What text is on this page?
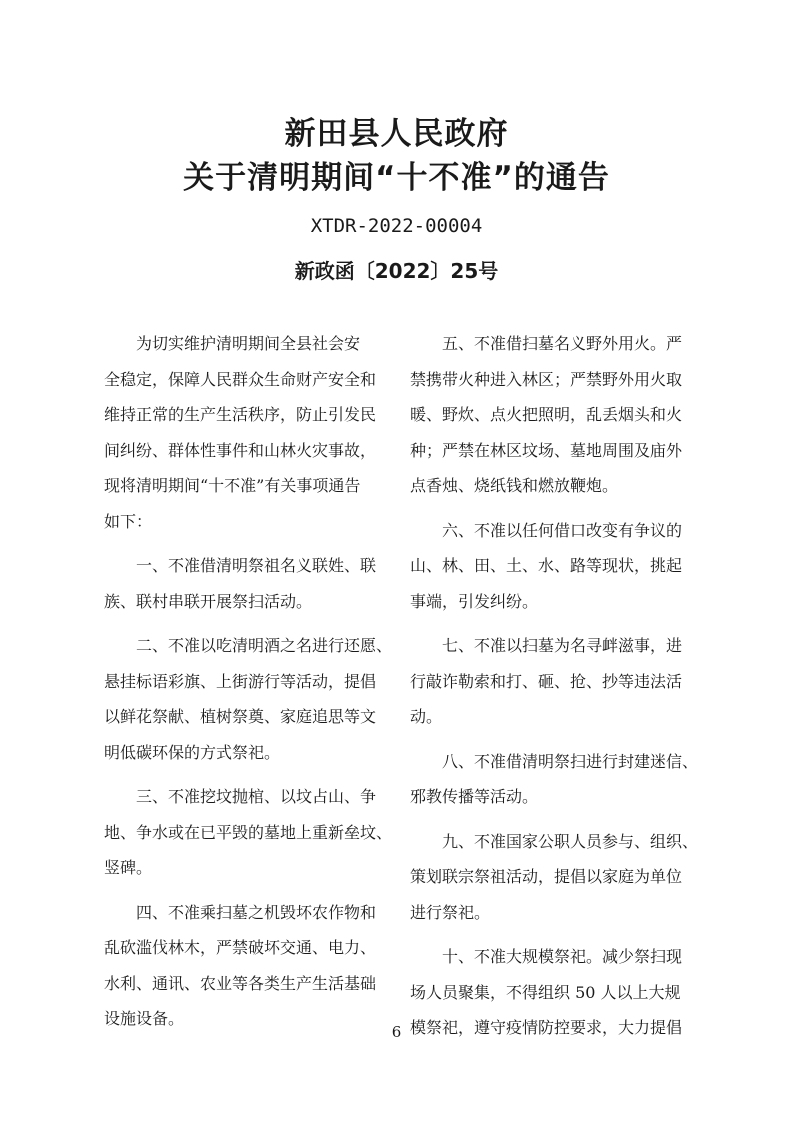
新田县人民政府
关于清明期间“十不准”的通告
XTDR-2022-00004
新政函〔2022〕25号

为切实维护清明期间全县社会安
全稳定，保障人民群众生命财产安全和
维持正常的生产生活秩序，防止引发民
间纠纷、群体性事件和山林火灾事故，
现将清明期间“十不准”有关事项通告
如下：

一、不准借清明祭祖名义联姓、联
族、联村串联开展祭扫活动。

二、不准以吃清明酒之名进行还愿、
悬挂标语彩旗、上街游行等活动，提倡
以鲜花祭献、植树祭奠、家庭追思等文
明低碳环保的方式祭祀。

三、不准挖坟抛棺、以坟占山、争
地、争水或在已平毁的墓地上重新垒坟、
竖碑。

四、不准乘扫墓之机毁坏农作物和
乱砍滥伐林木，严禁破坏交通、电力、
水利、通讯、农业等各类生产生活基础
设施设备。

五、不准借扫墓名义野外用火。严
禁携带火种进入林区；严禁野外用火取
暖、野炊、点火把照明，乱丢烟头和火
种；严禁在林区坟场、墓地周围及庙外
点香烛、烧纸钱和燃放鞭炮。

六、不准以任何借口改变有争议的
山、林、田、土、水、路等现状，挑起
事端，引发纠纷。

七、不准以扫墓为名寻衅滋事，进
行敲诈勒索和打、砸、抢、抄等违法活
动。

八、不准借清明祭扫进行封建迷信、
邪教传播等活动。

九、不准国家公职人员参与、组织、
策划联宗祭祖活动，提倡以家庭为单位
进行祭祀。

十、不准大规模祭祀。减少祭扫现
场人员聚集，不得组织 50 人以上大规
模祭祀，遵守疫情防控要求，大力提倡

6
